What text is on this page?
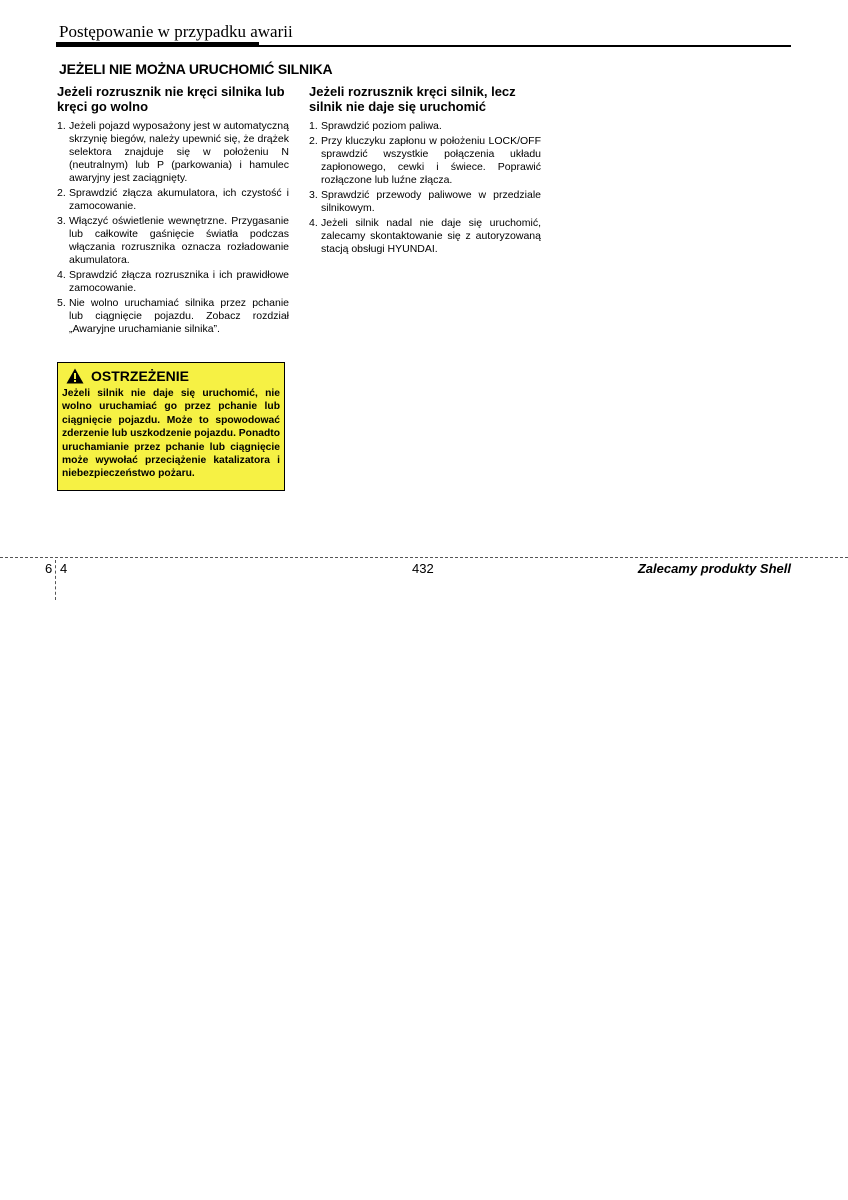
Postępowanie w przypadku awarii
JEŻELI NIE MOŻNA URUCHOMIĆ SILNIKA
Jeżeli rozrusznik nie kręci silnika lub kręci go wolno
1. Jeżeli pojazd wyposażony jest w automatyczną skrzynię biegów, należy upewnić się, że drążek selektora znajduje się w położeniu N (neutralnym) lub P (parkowania) i hamulec awaryjny jest zaciągnięty.
2. Sprawdzić złącza akumulatora, ich czystość i zamocowanie.
3. Włączyć oświetlenie wewnętrzne. Przygasanie lub całkowite gaśnięcie światła podczas włączania rozrusznika oznacza rozładowanie akumulatora.
4. Sprawdzić złącza rozrusznika i ich prawidłowe zamocowanie.
5. Nie wolno uruchamiać silnika przez pchanie lub ciągnięcie pojazdu. Zobacz rozdział „Awaryjne uruchamianie silnika”.
OSTRZEŻENIE

Jeżeli silnik nie daje się uruchomić, nie wolno uruchamiać go przez pchanie lub ciągnięcie pojazdu. Może to spowodować zderzenie lub uszkodzenie pojazdu. Ponadto uruchamianie przez pchanie lub ciągnięcie może wywołać przeciążenie katalizatora i niebezpieczeństwo pożaru.

Jeżeli rozrusznik kręci silnik, lecz silnik nie daje się uruchomić
1. Sprawdzić poziom paliwa.
2. Przy kluczyku zapłonu w położeniu LOCK/OFF sprawdzić wszystkie połączenia układu zapłonowego, cewki i świece. Poprawić rozłączone lub luźne złącza.
3. Sprawdzić przewody paliwowe w przedziale silnikowym.
4. Jeżeli silnik nadal nie daje się uruchomić, zalecamy skontaktowanie się z autoryzowaną stacją obsługi HYUNDAI.
6 4	432	Zalecamy produkty Shell
